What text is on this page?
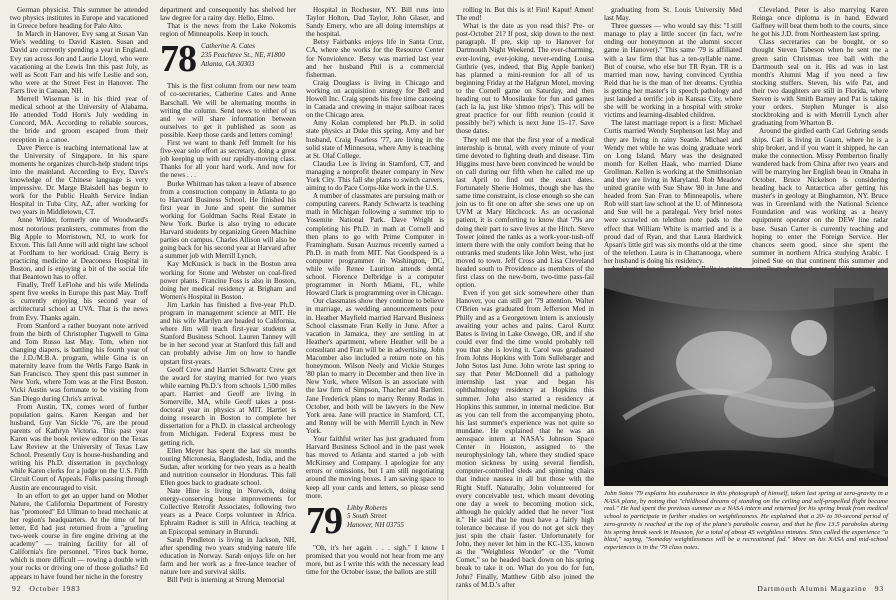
German physicist. This summer he attended two physics institutes in Europe and vacationed in Greece before heading for Palo Alto.

In March in Hanover, Evy sang at Susan Van Wie's wedding to David Kasten. Susan and David are currently spending a year in England. Evy ran across Jon and Laurie Lloyd, who were vacationing at the Lewis Inn this past July, as well as Scott Farr and his wife Leslie and son, who were at the Street Fest in Hanover. The Farrs live in Canaan, NH.

Merrell Wiseman is in his third year of medical school at the University of Alabama. He attended Todd Horn's July wedding in Concord, MA. According to reliable sources, the bride and groom escaped from their reception in a canoe.

Dave Pierce is teaching international law at the University of Singapore. In his spare moments he organizes church-help student trips into the mainland. According to Evy, Dave's knowledge of the Chinese language is very impressive. Dr. Marge Blaisdell has begun to work for the Public Health Service Indian Hospital in Tuba City, AZ, after working for two years in Middletown, CT.

Anne Wilder, formerly one of Woodward's most notorious pranksters, commutes from the Big Apple to Morristown, NJ, to work for Exxon. This fall Anne will add night law school at Fordham to her workload. Craig Berry is practicing medicine at Deaconess Hospital in Boston, and is enjoying a bit of the social life that Beantown has to offer.

Finally, Treff LeFlohe and his wife Melinda spent five weeks in Europe this past May. Treff is currently enjoying his second year of architectural school at UVA. That is the news from Evy. Thanks again.

From Stanford a rather buoyant note arrived from the birth of Christopher Tugwell to Gina and Tom Russo last May. Tom, when not changing diapers, is battling his fourth year of the J.D./M.B.A. program, while Gina is on maternity leave from the Wells Fargo Bank in San Francisco. They spent this past summer in New York, where Tom was at the First Boston. Vicki Austin was fortunate to be visiting from San Diego during Chris's arrival.

From Austin, TX, comes word of further population gains. Karen Keegan and her husband, Guy Van Sickle '76, are the proud parents of Kathryn Victoria. This past year Karen was the book review editor on the Texas Law Review at the University of Texas Law School. Presently Guy is house-husbanding and writing his Ph.D. dissertation in psychology while Karen clerks for a judge on the U.S. Fifth Circuit Court of Appeals. Folks passing through Austin are encouraged to visit.

In an effort to get an upper hand on Mother Nature, the California Department of Forestry has "promoted" Ed Ullman to head mechanic at her region's headquarters. At the time of her letter, Ed had just returned from a "grueling two-week course in fire engine driving at the academy" — training facility for all of California's fire personnel. "Fires back home, which is more difficult — rowing a double with your rocks or driving one of those goliaths? Ed appears to have found her niche in the forestry

department and consequently has shelved her law degree for a rainy day. Hello, Elmo.

That is the news from the Lake Nokomis region of Minneapolis. Keep in touch.

78 Catherine A. Cates
235 Peachtree St., NE, #1800
Atlanta, GA 30303

This is the first column from our new team of co-secretaries, Catherine Cates and Anne Barschall. We will be alternating months in writing the column. Send news to either of us and we will share information between ourselves to get it published as soon as possible. Keep those cards and letters coming!

First we want to thank Jeff Immelt for his five-year solo effort as secretary, doing a great job keeping up with our rapidly-moving class. Thanks for all your hard work. And now for the news . . .

Burke Whitman has taken a leave of absence from a construction company in Atlanta to go to Harvard Business School. He finished his first year in June and spent the summer working for Goldman Sachs Real Estate in New York. Burke is also trying to educate Harvard students by organizing Green Machine parties on campus. Charles Allison will also be going back for his second year at Harvard after a summer job with Merrill Lynch.

Kay McKusick is back in the Boston area working for Stone and Webster on coal-fired power plants. Francine Foss is also in Boston, doing her medical residency at Brigham and Women's Hospital in Boston.

Jim Larkin has finished a five-year Ph.D. program in management science at MIT. He and his wife Marilyn are headed to California, where Jim will teach first-year students at Stanford Business School. Lauren Tanney will be in her second year at Stanford this fall and can probably advise Jim on how to handle upstart first-years.

Geoff Crew and Harriet Schwartz Crew get the award for staying married for two years while earning Ph.D.'s from schools 1,500 miles apart. Harriet and Geoff are living in Somerville, MA, while Geoff takes a post-doctoral year in physics at MIT. Harriet is doing research in Boston to complete her dissertation for a Ph.D. in classical archeology from Michigan. Federal Express must be getting rich.

Ellen Meyer has spent the last six months touring Micronesia, Bangladesh, India, and the Sudan, after working for two years as a health and nutrition counselor in Honduras. This fall Ellen goes back to graduate school.

Nate Hine is living in Norwich, doing energy-conserving house improvements for Collective Retrofit Associates, following two years as a Peace Corps volunteer in Africa. Ephraim Radner is still in Africa, teaching at an Episcopal seminary in Burundi.

Sarah Pendleton is living in Jackson, NH, after spending two years studying nature life education in Norway. Sarah enjoys life on her farm and her work as a free-lance teacher of nature lore and survival skills.

Bill Petit is interning at Strong Memorial

Hospital in Rochester, NY. Bill runs into Taylor Holton, Dad Taylor, John Glaser, and Sandy Emery, who are all doing internships at the hospital.

Betsy Fairbanks enjoys life in Santa Cruz, CA, where she works for the Resource Center for Nonviolence. Betsy was married last year and her husband Phil is a commercial fisherman.

Craig Douglass is living in Chicago and working on acquisition strategy for Bell and Howell Inc. Craig spends his free time canoeing in Canada and crewing in major sailboat races on the Chicago area.

Amy Kolan completed her Ph.D. in solid state physics at Duke this spring. Amy and her husband, Craig Fearless '77, are living in the solid state of Minnesota, where Amy is teaching at St. Olaf College.

Claudia Lee is living in Stamford, CT, and managing a nonprofit theater company in New York City. This fall she plans to switch careers, aiming to do Pace Corps-like work in the U.S.

A number of classmates are pursuing math or computing careers. Randy Schwartz is teaching math in Michigan following a summer trip to Yosemite National Park. Dave Wright is completing his Ph.D. in math at Cornell and then plans to go with Prime Computer in Framingham. Susan Auzmus recently earned a Ph.D. in math from MIT. Nat Goodspeed is a computer programmer in Washington, DC, while wife Renee Lauriton attends dental school. Florence Delbridge is a computer programmer in North Miami, FL, while Howard Clark is programming over in Chicago.

Our classmates show they continue to believe in marriage, as wedding announcements pour in. Heather Mayfield married Harvard Business School classmate Fran Kelly in June. After a vacation in Jamaica, they are settling in at Heather's apartment, where Heather will be a consultant and Fran will be in advertising. John Macomber also included a return note on his honeymoon. Wilson Neely and Vickie Sturges '80 plan to marry in December and then live in New York, where Wilson is an associate with the law firm of Simpson, Thacher and Bartlett. Jane Frederick plans to marry Renny Rodas in October, and both will be lawyers in the New York area. Jane will practice in Stamford, CT, and Renny will be with Merrill Lynch in New York.

Your faithful writer has just graduated from Harvard Business School and in the past week has moved to Atlanta and started a job with McKinsey and Company. I apologize for any errors or omissions, but I am still negotiating around the moving boxes. I am saving space to keep all your cards and letters, so please send more.

79 Libby Roberts
5 South Street
Hanover, NH 03755

"Oh, it's her again . . . sigh." I know I promised that you would not hear from me any more, but as I write this with the necessary lead time for the October issue, the ballots are still

rolling in. But this is it! Fini! Kaput! Amen! The end!

What is the date as you read this? Pre- or post-October 21? If post, skip down to the next paragraph. If pre, skip up to Hanover for Dartmouth Night Weekend. The ever-charming, ever-loving, ever-joking, never-ending Louisa Guthrie (yes, indeed, that Big Apple banker) has planned a mini-reunion for all of us beginning Friday at the Hafgrun Motel, moving to the Cornell game on Saturday, and then heading out to Moosilauke for fun and games (ach la la, just like 'shmoo trips'). This will be great practice for our fifth reunion (could it possibly be?) which is next June 15–17. Save those dates.

They tell me that the first year of a medical internship is brutal, with every minute of your time devoted to fighting death and disease. Tim Higgins must have been convinced he would be on call during our fifth when he called me up last April to find out the exact dates. Fortunately Sherie Holmes, though she has the same time constraint, is close enough so she can join us to fit one on after she sews one up on UVM at Mary Hitchcock. As an occasional patient, it is comforting to know that '79s are doing their part to save lives at the Hitch. Steve Tower joined the ranks as a work-your-tush-off intern there with the only comfort being that he outranks med students like John West, who just moved to town. Jeff Cross and Lisa Cleveland headed south to Providence as members of the first class on the new-born, two-time pass-fail option.

Even if you get sick somewhere other than Hanover, you can still get '79 attention. Walter O'Brien was graduated from Jefferson Med in Philly and as a Georgetown intern is anxiously awaiting your aches and pains. Carol Kurtz Bates is living in Lake Oswego, OR, and if she could ever find the time would probably tell you that she is loving it. Carol was graduated from Johns Hopkins with Tom Sullebarger and John Sotos last June. John wrote last spring to say that Peter McDonnell did a pathology internship last year and began his ophthalmology residency at Hopkins this summer. John also started a residency at Hopkins this summer, in internal medicine. But as you can tell from the accompanying photo, his last summer's experience was not quite so mundane. He explained that he was an aerospace intern at NASA's Johnson Space Center in Houston, assigned to the neurophysiology lab, where they studied space motion sickness by using several fiendish, computer-controlled sleds and spinning chairs that induce nausea in all but those with the Right Stuff. Naturally, John volunteered for every conceivable test, which meant devoting one day a week to becoming motion sick, although he quickly added that he never "lost it." He said that he must have a fairly high tolerance because if you do not get sick they just spin the chair faster. Unfortunately for John, they never let him in the KC-135, known as the "Weightless Wonder" or the "Vomit Comet," so he headed back down on his spring break to take it on. What do you do for fun, John? Finally, Matthew Gibb also joined the ranks of M.D.'s after

graduating from St. Louis University Med last May.

Three guesses — who would say this: "I still manage to play a little soccer (in fact, we're ending our honeymoon at the alumni soccer game in Hanover)." This same '79 is affiliated with a law firm that has a ten-syllable name. But of course, who else but TR Ryan. TR is a married man now, having convinced Cynthia Reid that he is the man of her dreams. Cynthia is getting her master's in speech pathology and just landed a terrific job in Kansas City, where she will be working in a hospital with stroke victims and learning-disabled children.

The latest marriage report is a first: Michael Curtis married Wendy Stephenson last May and they are living in rainy Seattle. Michael and Wendy met while he was doing graduate work on Long Island. Mary was the designated month for Kellen Haak, who married Diane Grollman. Kellen is working at the Smithsonian and they are living in Maryland. Rob Meadow united granite with Sue Shaw '80 in June and headed from San Fran to Minneapolis, where Rob will start law school at the U. of Minnesota and Sue will be a paralegal. Very brief notes were scrawled on telethon note pads to the effect that William White is married and is a proud dad of Ryan, and that Laura Hardwick Apsan's little girl was six months old at the time of the telethon. Laura is in Chattanooga, where her husband is doing his residency.

Cleveland. Peter is also marrying Karen Reinga once diploma is in hand. Edward Gaffney will beat them both to the courts, since he got his J.D. from Northeastern last spring.

Class secretaries can be bought, or so thought Steven Tabeson when he sent me a green satin Christmas tree ball with the Dartmouth seal on it. His ad was in last month's Alumni Mag if you need a few stocking stuffers. Steven, his wife Pat, and their two daughters are still in Florida, where Steven is with Smith Barney and Pat is taking your orders. Stephen Munger is also stockbroking and is with Merrill Lynch after graduating from Wharton B.

Around the girdled earth Carl Gehring sends ships. Carl is living in Guam, where he is a ship broker, and if you want it shipped, he can make the connection. Missy Pemberton finally wandered back from China after two years and will be marrying her English beau in Omaha in October. Bruce Nickelson is considering heading back to Antarctica after getting his master's in geology at Binghamton, NY. Bruce was in Greenland with the National Science Foundation and was working as a heavy equipment operator on the DEW line radar base. Susan Carter is currently teaching and hoping to enter the Foreign Service. Her chances seem good, since she spent the summer in northern Africa studying Arabic. I joined Sue on that continent this summer and

John Sotos '79 explains his exuberance in this photograph of himself, taken last spring at zero-gravity in a NASA plane, by noting that "childhood dreams of standing on the ceiling and self-propelled flight became real." He had spent the previous summer as a NASA intern and returned for his spring break from medical school to participate in further studies on weightlessness. He explained that a 20- to 30-second period of zero-gravity is reached at the top of the plane's parabolic course, and that he flew 13.5 parabolas during his spring break week in Houston, for a total of about 45 weightless minutes. Sites called the experience "a blast," saying, "Someday weightlessness will be a recreational fad." More on his NASA and mid-school experiences is in the '79 class notes.
92 October 1983	Dartmouth Alumni Magazine 93
